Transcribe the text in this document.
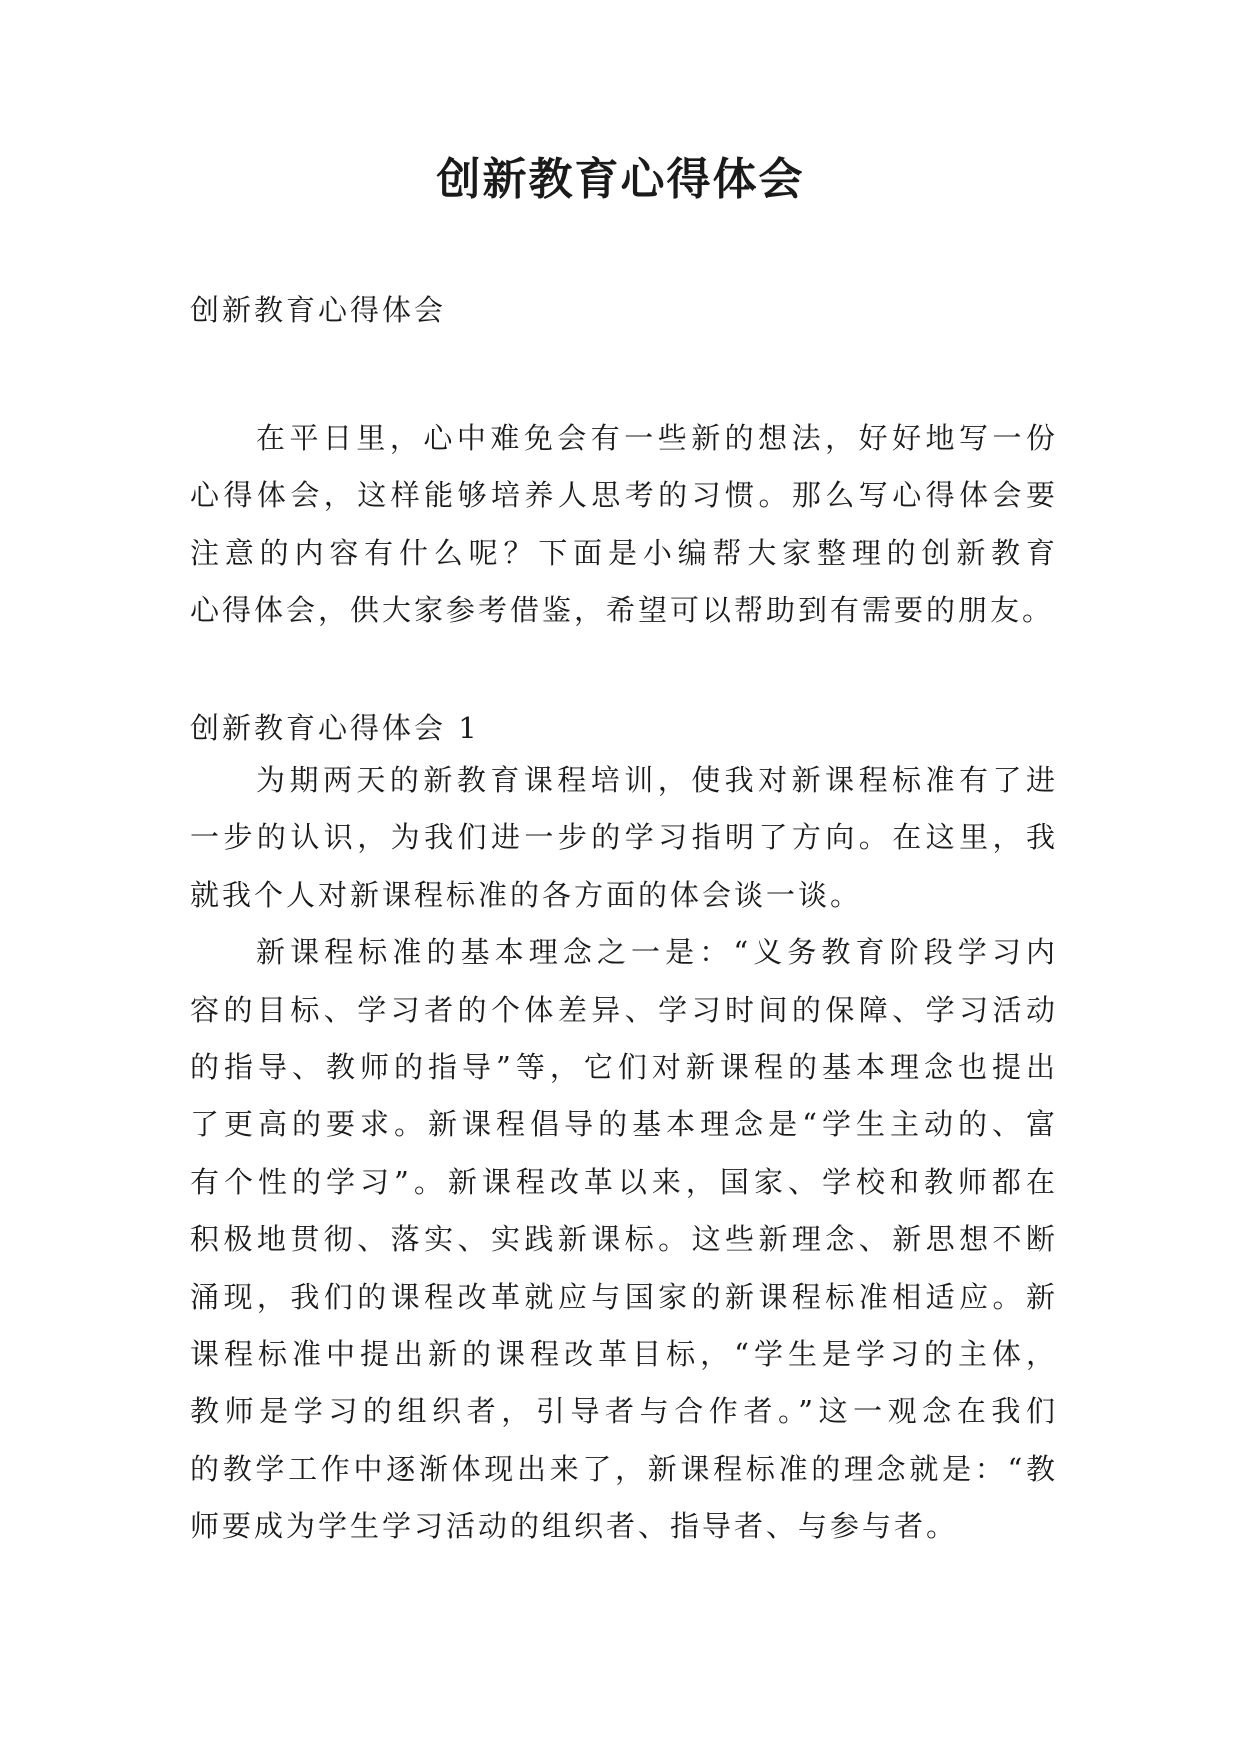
创新教育心得体会

创新教育心得体会

在平日里，心中难免会有一些新的想法，好好地写一份
心得体会，这样能够培养人思考的习惯。那么写心得体会要
注意的内容有什么呢？下面是小编帮大家整理的创新教育
心得体会，供大家参考借鉴，希望可以帮助到有需要的朋友。

创新教育心得体会 1

为期两天的新教育课程培训，使我对新课程标准有了进
一步的认识，为我们进一步的学习指明了方向。在这里，我
就我个人对新课程标准的各方面的体会谈一谈。
新课程标准的基本理念之一是：“义务教育阶段学习内
容的目标、学习者的个体差异、学习时间的保障、学习活动
的指导、教师的指导”等，它们对新课程的基本理念也提出
了更高的要求。新课程倡导的基本理念是“学生主动的、富
有个性的学习”。新课程改革以来，国家、学校和教师都在
积极地贯彻、落实、实践新课标。这些新理念、新思想不断
涌现，我们的课程改革就应与国家的新课程标准相适应。新
课程标准中提出新的课程改革目标，“学生是学习的主体，
教师是学习的组织者，引导者与合作者。”这一观念在我们
的教学工作中逐渐体现出来了，新课程标准的理念就是：“教
师要成为学生学习活动的组织者、指导者、与参与者。
